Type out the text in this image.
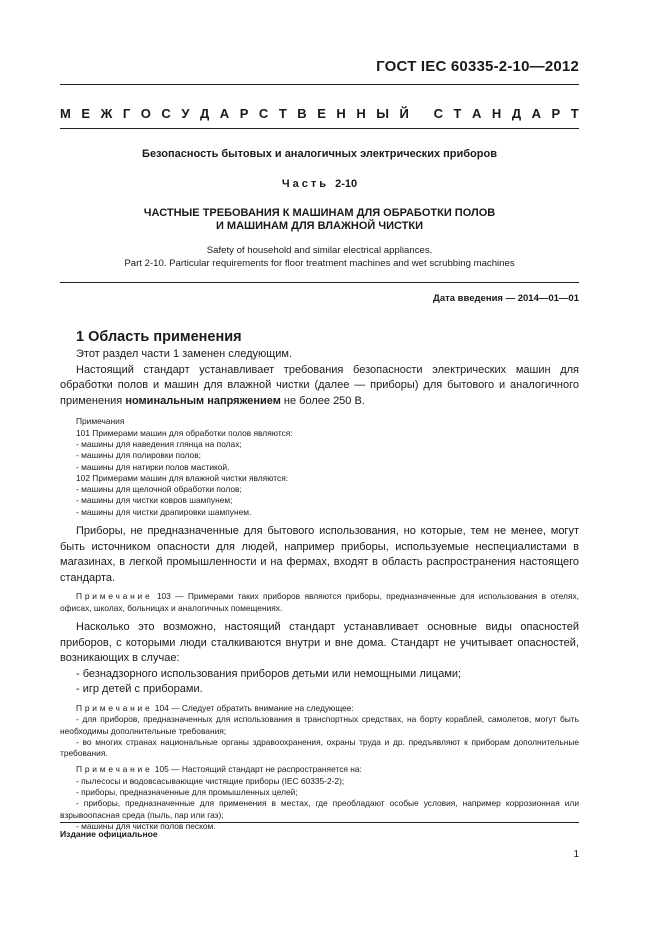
ГОСТ IEC 60335-2-10—2012
М Е Ж Г О С У Д А Р С Т В Е Н Н Ы Й
С Т А Н Д А Р Т
Безопасность бытовых и аналогичных электрических приборов
Часть 2-10
ЧАСТНЫЕ ТРЕБОВАНИЯ К МАШИНАМ ДЛЯ ОБРАБОТКИ ПОЛОВ
И МАШИНАМ ДЛЯ ВЛАЖНОЙ ЧИСТКИ
Safety of household and similar electrical appliances.
Part 2-10. Particular requirements for floor treatment machines and wet scrubbing machines
Дата введения — 2014—01—01
1 Область применения

Этот раздел части 1 заменен следующим.

Настоящий стандарт устанавливает требования безопасности электрических машин для обработки полов и машин для влажной чистки (далее — приборы) для бытового и аналогичного применения номинальным напряжением не более 250 В.

Примечания

101 Примерами машин для обработки полов являются:

- машины для наведения глянца на полах;

- машины для полировки полов;

- машины для натирки полов мастикой.

102 Примерами машин для влажной чистки являются:

- машины для щелочной обработки полов;

- машины для чистки ковров шампунем;

- машины для чистки драпировки шампунем.

Приборы, не предназначенные для бытового использования, но которые, тем не менее, могут быть источником опасности для людей, например приборы, используемые неспециалистами в магазинах, в легкой промышленности и на фермах, входят в область распространения настоящего стандарта.

Примечание 103 — Примерами таких приборов являются приборы, предназначенные для использования в отелях, офисах, школах, больницах и аналогичных помещениях.

Насколько это возможно, настоящий стандарт устанавливает основные виды опасностей приборов, с которыми люди сталкиваются внутри и вне дома. Стандарт не учитывает опасностей, возникающих в случае:

- безнадзорного использования приборов детьми или немощными лицами;

- игр детей с приборами.

Примечание 104 — Следует обратить внимание на следующее:

- для приборов, предназначенных для использования в транспортных средствах, на борту кораблей, самолетов, могут быть необходимы дополнительные требования;

- во многих странах национальные органы здравоохранения, охраны труда и др. предъявляют к приборам дополнительные требования.

Примечание 105 — Настоящий стандарт не распространяется на:

- пылесосы и водовсасывающие чистящие приборы (IEC 60335-2-2);

- приборы, предназначенные для промышленных целей;

- приборы, предназначенные для применения в местах, где преобладают особые условия, например коррозионная или взрывоопасная среда (пыль, пар или газ);

- машины для чистки полов песком.

Издание официальное
1
